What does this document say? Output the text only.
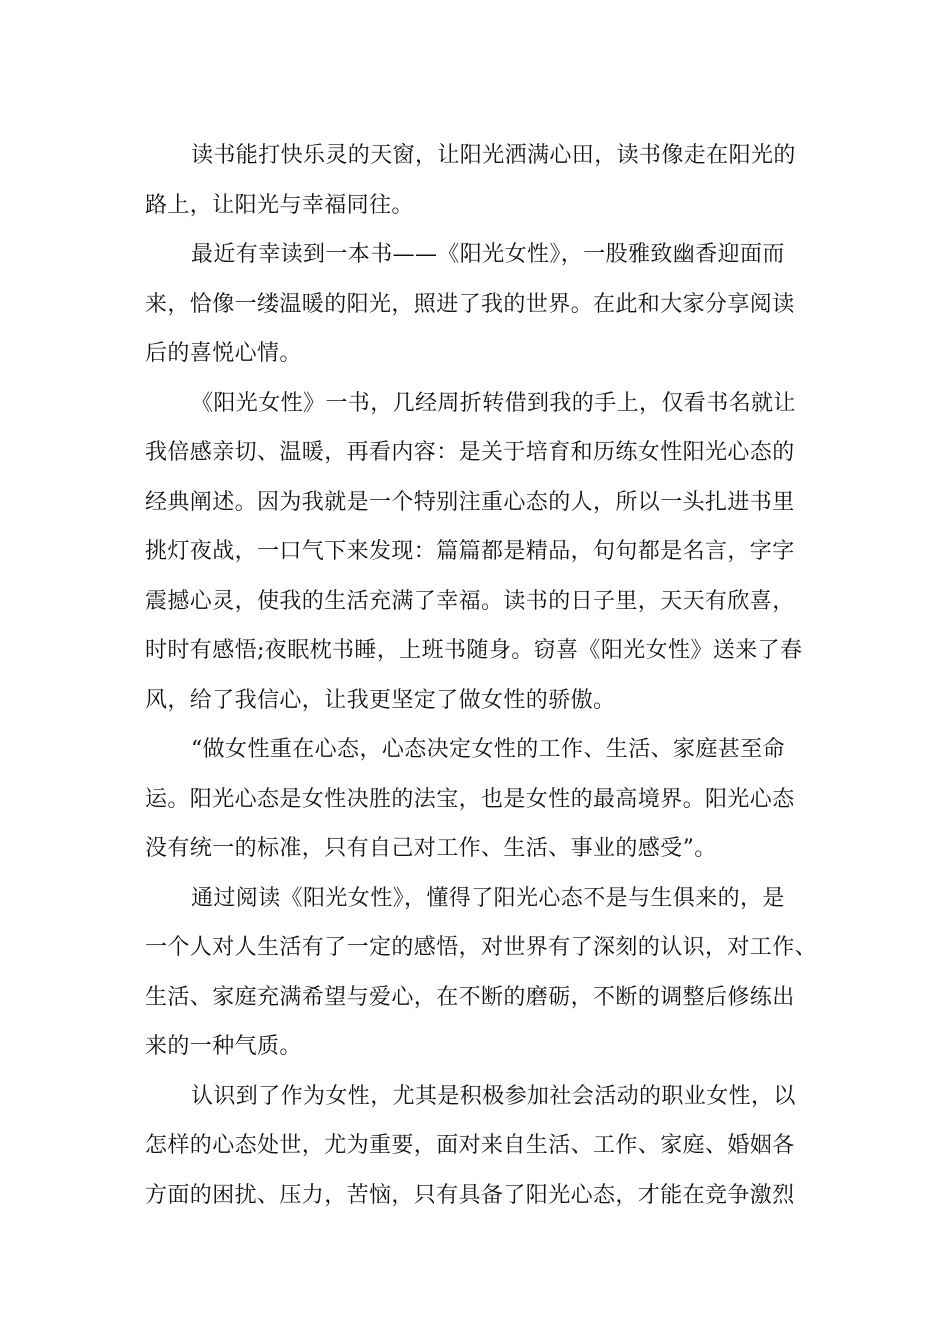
读书能打快乐灵的天窗，让阳光洒满心田，读书像走在阳光的
路上，让阳光与幸福同往。
最近有幸读到一本书——《阳光女性》，一股雅致幽香迎面而
来，恰像一缕温暖的阳光，照进了我的世界。在此和大家分享阅读
后的喜悦心情。
《阳光女性》一书，几经周折转借到我的手上，仅看书名就让
我倍感亲切、温暖，再看内容：是关于培育和历练女性阳光心态的
经典阐述。因为我就是一个特别注重心态的人，所以一头扎进书里
挑灯夜战，一口气下来发现：篇篇都是精品，句句都是名言，字字
震撼心灵，使我的生活充满了幸福。读书的日子里，天天有欣喜，
时时有感悟;夜眠枕书睡，上班书随身。窃喜《阳光女性》送来了春
风，给了我信心，让我更坚定了做女性的骄傲。
“做女性重在心态，心态决定女性的工作、生活、家庭甚至命
运。阳光心态是女性决胜的法宝，也是女性的最高境界。阳光心态
没有统一的标准，只有自己对工作、生活、事业的感受”。
通过阅读《阳光女性》，懂得了阳光心态不是与生俱来的，是
一个人对人生活有了一定的感悟，对世界有了深刻的认识，对工作、
生活、家庭充满希望与爱心，在不断的磨砺，不断的调整后修练出
来的一种气质。
认识到了作为女性，尤其是积极参加社会活动的职业女性，以
怎样的心态处世，尤为重要，面对来自生活、工作、家庭、婚姻各
方面的困扰、压力，苦恼，只有具备了阳光心态，才能在竞争激烈
